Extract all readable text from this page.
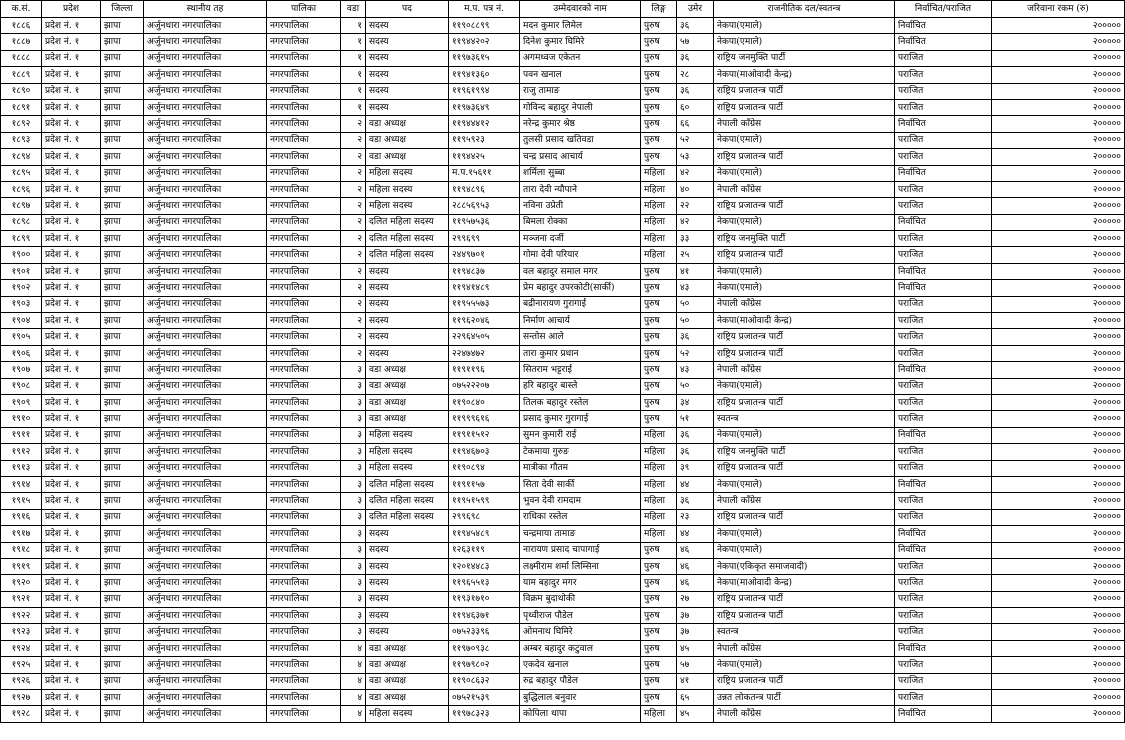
क.सं.	प्रदेश	जिल्ला	स्थानीय तह	पालिका	वडा	पद	म.प. पत्र नं.	उम्मेदवारको नाम	लिङ्ग	उमेर	राजनीतिक दल/स्वतन्त्र	निर्वाचित/पराजित	जरिवाना रकम (रु)
१८८६	प्रदेश नं. १	झापा	अर्जुनधारा नगरपालिका	नगरपालिका	१	सदस्य	११९०८८९९	मदन कुमार लिमेल	पुरुष	३६	नेकपा(एमाले)	निर्वाचित	२०००००
१८८७	प्रदेश नं. १	झापा	अर्जुनधारा नगरपालिका	नगरपालिका	१	सदस्य	११९४४२०२	दिनेश कुमार घिमिरे	पुरुष	५७	नेकपा(एमाले)	निर्वाचित	२०००००
१८८८	प्रदेश नं. १	झापा	अर्जुनधारा नगरपालिका	नगरपालिका	१	सदस्य	११९७३६१५	अगमध्वज एकेतन	पुरुष	३६	राष्ट्रिय जनमुक्ति पार्टी	पराजित	२०००००
१८८९	प्रदेश नं. १	झापा	अर्जुनधारा नगरपालिका	नगरपालिका	१	सदस्य	११९४१३६०	पवन खनाल	पुरुष	२८	नेकपा(माओवादी केन्द्र)	पराजित	२०००००
१८९०	प्रदेश नं. १	झापा	अर्जुनधारा नगरपालिका	नगरपालिका	१	सदस्य	११९६१९९४	राजु तामाङ	पुरुष	३६	राष्ट्रिय प्रजातन्त्र पार्टी	पराजित	२०००००
१८९१	प्रदेश नं. १	झापा	अर्जुनधारा नगरपालिका	नगरपालिका	१	सदस्य	११९७३६४९	गोविन्द बहादुर नेपाली	पुरुष	६०	राष्ट्रिय प्रजातन्त्र पार्टी	पराजित	२०००००
१८९२	प्रदेश नं. १	झापा	अर्जुनधारा नगरपालिका	नगरपालिका	२	वडा अध्यक्ष	११९४४४१२	नरेन्द्र कुमार श्रेष्ठ	पुरुष	६६	नेपाली काँग्रेस	निर्वाचित	२०००००
१८९३	प्रदेश नं. १	झापा	अर्जुनधारा नगरपालिका	नगरपालिका	२	वडा अध्यक्ष	११९५९२३	तुलसी प्रसाद खतिवडा	पुरुष	५२	नेकपा(एमाले)	पराजित	२०००००
१८९४	प्रदेश नं. १	झापा	अर्जुनधारा नगरपालिका	नगरपालिका	२	वडा अध्यक्ष	११९४४२५	चन्द्र प्रसाद आचार्य	पुरुष	५३	राष्ट्रिय प्रजातन्त्र पार्टी	पराजित	२०००००
१८९५	प्रदेश नं. १	झापा	अर्जुनधारा नगरपालिका	नगरपालिका	२	महिला सदस्य	म.प.१५६११	शर्मिला सुब्बा	महिला	४२	नेकपा(एमाले)	निर्वाचित	२०००००
१८९६	प्रदेश नं. १	झापा	अर्जुनधारा नगरपालिका	नगरपालिका	२	महिला सदस्य	११९४८९६	तारा देवी न्यौपाने	महिला	४०	नेपाली काँग्रेस	पराजित	२०००००
१८९७	प्रदेश नं. १	झापा	अर्जुनधारा नगरपालिका	नगरपालिका	२	महिला सदस्य	२८८५६९५३	नविना उप्रेती	महिला	२२	राष्ट्रिय प्रजातन्त्र पार्टी	पराजित	२०००००
१८९८	प्रदेश नं. १	झापा	अर्जुनधारा नगरपालिका	नगरपालिका	२	दलित महिला सदस्य	११९५७५३६	बिमला रोक्का	महिला	४२	नेकपा(एमाले)	निर्वाचित	२०००००
१८९९	प्रदेश नं. १	झापा	अर्जुनधारा नगरपालिका	नगरपालिका	२	दलित महिला सदस्य	२९९६९९	मञ्जना दर्जी	महिला	३३	राष्ट्रिय जनमुक्ति पार्टी	पराजित	२०००००
१९००	प्रदेश नं. १	झापा	अर्जुनधारा नगरपालिका	नगरपालिका	२	दलित महिला सदस्य	२४४९७०१	गोमा देवी परियार	महिला	२५	राष्ट्रिय प्रजातन्त्र पार्टी	पराजित	२०००००
१९०१	प्रदेश नं. १	झापा	अर्जुनधारा नगरपालिका	नगरपालिका	२	सदस्य	११९४८३७	वल बहादुर समाल मगर	पुरुष	४१	नेकपा(एमाले)	निर्वाचित	२०००००
१९०२	प्रदेश नं. १	झापा	अर्जुनधारा नगरपालिका	नगरपालिका	२	सदस्य	११९४१४८९	प्रेम बहादुर उपरकोटी(सार्की)	पुरुष	४३	नेकपा(एमाले)	निर्वाचित	२०००००
१९०३	प्रदेश नं. १	झापा	अर्जुनधारा नगरपालिका	नगरपालिका	२	सदस्य	११९५५५७३	बद्रीनारायण गुरागाई	पुरुष	५०	नेपाली काँग्रेस	पराजित	२०००००
१९०४	प्रदेश नं. १	झापा	अर्जुनधारा नगरपालिका	नगरपालिका	२	सदस्य	११९६२०४६	निर्माण आचार्य	पुरुष	५०	नेकपा(माओवादी केन्द्र)	पराजित	२०००००
१९०५	प्रदेश नं. १	झापा	अर्जुनधारा नगरपालिका	नगरपालिका	२	सदस्य	२२९६४५०५	सन्तोस आले	पुरुष	३६	राष्ट्रिय प्रजातन्त्र पार्टी	पराजित	२०००००
१९०६	प्रदेश नं. १	झापा	अर्जुनधारा नगरपालिका	नगरपालिका	२	सदस्य	२२४७४७२	तारा कुमार प्रधान	पुरुष	५२	राष्ट्रिय प्रजातन्त्र पार्टी	पराजित	२०००००
१९०७	प्रदेश नं. १	झापा	अर्जुनधारा नगरपालिका	नगरपालिका	३	वडा अध्यक्ष	११९११९६	सितराम भट्टराई	पुरुष	४३	नेपाली काँग्रेस	निर्वाचित	२०००००
१९०८	प्रदेश नं. १	झापा	अर्जुनधारा नगरपालिका	नगरपालिका	३	वडा अध्यक्ष	०७५२२२०७	हरि बहादुर बास्ले	पुरुष	५०	नेकपा(एमाले)	पराजित	२०००००
१९०९	प्रदेश नं. १	झापा	अर्जुनधारा नगरपालिका	नगरपालिका	३	वडा अध्यक्ष	११९०८४०	तिलक बहादुर रस्तेल	पुरुष	३४	राष्ट्रिय प्रजातन्त्र पार्टी	पराजित	२०००००
१९१०	प्रदेश नं. १	झापा	अर्जुनधारा नगरपालिका	नगरपालिका	३	वडा अध्यक्ष	११९९९६१६	प्रसाद कुमार गुरागाई	पुरुष	५१	स्वतन्त्र	पराजित	२०००००
१९११	प्रदेश नं. १	झापा	अर्जुनधारा नगरपालिका	नगरपालिका	३	महिला सदस्य	११९११५१२	सुमन कुमारी राई	महिला	३६	नेकपा(एमाले)	निर्वाचित	२०००००
१९१२	प्रदेश नं. १	झापा	अर्जुनधारा नगरपालिका	नगरपालिका	३	महिला सदस्य	११९४६७०३	टेकमाया गुरुङ	महिला	३६	राष्ट्रिय जनमुक्ति पार्टी	पराजित	२०००००
१९१३	प्रदेश नं. १	झापा	अर्जुनधारा नगरपालिका	नगरपालिका	३	महिला सदस्य	११९०८९४	मात्रीका गौतम	महिला	३९	राष्ट्रिय प्रजातन्त्र पार्टी	पराजित	२०००००
१९१४	प्रदेश नं. १	झापा	अर्जुनधारा नगरपालिका	नगरपालिका	३	दलित महिला सदस्य	११९११५७	सिता देवी सार्की	महिला	४४	नेकपा(एमाले)	निर्वाचित	२०००००
१९१५	प्रदेश नं. १	झापा	अर्जुनधारा नगरपालिका	नगरपालिका	३	दलित महिला सदस्य	११९५१५९९	भुवन देवी रामदाम	महिला	३६	नेपाली काँग्रेस	पराजित	२०००००
१९१६	प्रदेश नं. १	झापा	अर्जुनधारा नगरपालिका	नगरपालिका	३	दलित महिला सदस्य	२९९६९८	राधिका रस्तेल	महिला	२३	राष्ट्रिय प्रजातन्त्र पार्टी	पराजित	२०००००
१९१७	प्रदेश नं. १	झापा	अर्जुनधारा नगरपालिका	नगरपालिका	३	सदस्य	११९४५४८९	चन्द्रमाया तामाङ	महिला	४४	नेकपा(एमाले)	निर्वाचित	२०००००
१९१८	प्रदेश नं. १	झापा	अर्जुनधारा नगरपालिका	नगरपालिका	३	सदस्य	१२६३११९	नारायण प्रसाद चापागाई	पुरुष	४६	नेकपा(एमाले)	निर्वाचित	२०००००
१९१९	प्रदेश नं. १	झापा	अर्जुनधारा नगरपालिका	नगरपालिका	३	सदस्य	१२०१४४८३	लक्ष्मीराम शर्मा लिम्सिना	पुरुष	४६	नेकपा(एकिकृत समाजवादी)	पराजित	२०००००
१९२०	प्रदेश नं. १	झापा	अर्जुनधारा नगरपालिका	नगरपालिका	३	सदस्य	११९६५५१३	याम बहादुर मगर	पुरुष	४६	नेकपा(माओवादी केन्द्र)	पराजित	२०००००
१९२१	प्रदेश नं. १	झापा	अर्जुनधारा नगरपालिका	नगरपालिका	३	सदस्य	११९३१७१०	विक्रम बुदाथोकी	पुरुष	२७	राष्ट्रिय प्रजातन्त्र पार्टी	पराजित	२०००००
१९२२	प्रदेश नं. १	झापा	अर्जुनधारा नगरपालिका	नगरपालिका	३	सदस्य	११९४६३७१	पृथ्वीराज पौडेल	पुरुष	३७	राष्ट्रिय प्रजातन्त्र पार्टी	पराजित	२०००००
१९२३	प्रदेश नं. १	झापा	अर्जुनधारा नगरपालिका	नगरपालिका	३	सदस्य	०७५२३३९६	ओमनाथ घिमिरे	पुरुष	३७	स्वतन्त्र	पराजित	२०००००
१९२४	प्रदेश नं. १	झापा	अर्जुनधारा नगरपालिका	नगरपालिका	४	वडा अध्यक्ष	११९७०९३८	अम्बर बहादुर कटुवाल	पुरुष	४५	नेपाली काँग्रेस	निर्वाचित	२०००००
१९२५	प्रदेश नं. १	झापा	अर्जुनधारा नगरपालिका	नगरपालिका	४	वडा अध्यक्ष	११९७९८०२	एकदेव खनाल	पुरुष	५७	नेकपा(एमाले)	पराजित	२०००००
१९२६	प्रदेश नं. १	झापा	अर्जुनधारा नगरपालिका	नगरपालिका	४	वडा अध्यक्ष	११९०८६३२	रुद्र बहादुर पौडेल	पुरुष	४१	राष्ट्रिय प्रजातन्त्र पार्टी	पराजित	२०००००
१९२७	प्रदेश नं. १	झापा	अर्जुनधारा नगरपालिका	नगरपालिका	४	वडा अध्यक्ष	०७५२१५३९	बुद्धिलाल बनुवार	पुरुष	६५	उन्नत लोकतन्त्र पार्टी	पराजित	२०००००
१९२८	प्रदेश नं. १	झापा	अर्जुनधारा नगरपालिका	नगरपालिका	४	महिला सदस्य	११९७८३२३	कोपिला थापा	महिला	४५	नेपाली काँग्रेस	निर्वाचित	२०००००
